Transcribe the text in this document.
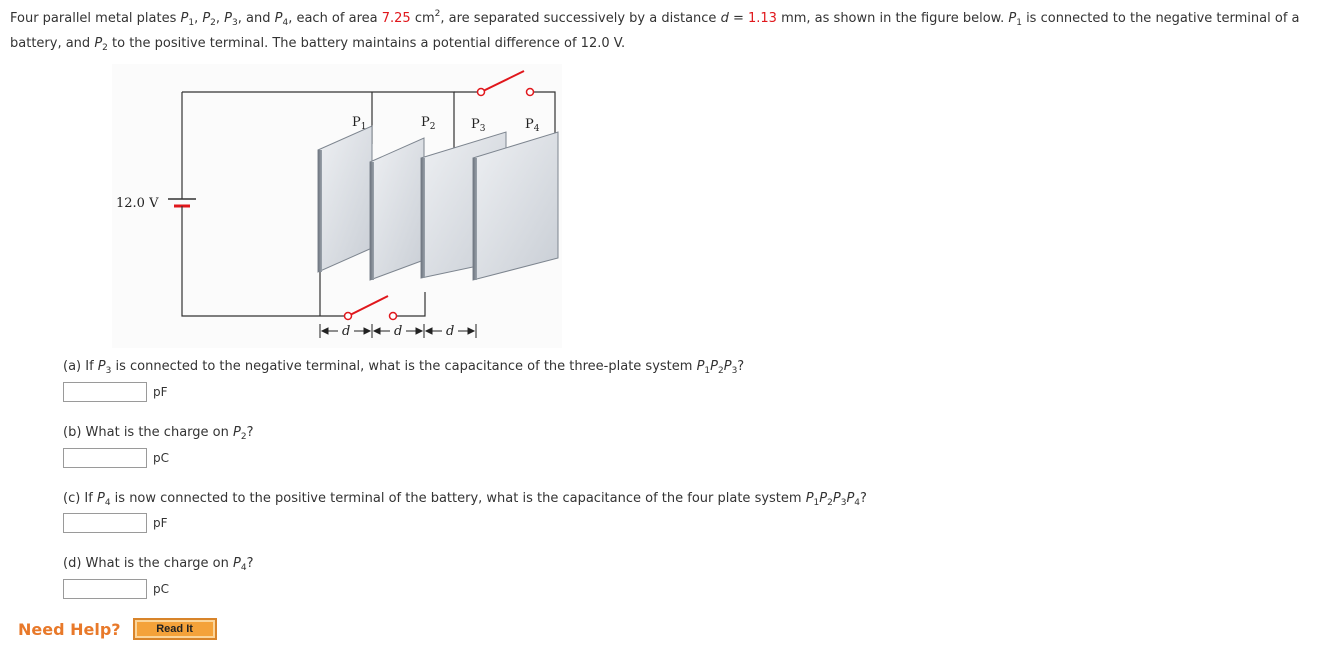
Four parallel metal plates $P_1$, $P_2$, $P_3$, and $P_4$, each of area 7.25 $cm^2$, are separated successively by a distance d = 1.13 mm, as shown in the figure below. $P_1$ is connected to the negative terminal of a battery, and $P_2$ to the positive terminal. The battery maintains a potential difference of 12.0 V.
12.0 V
$P_1$	$P_2$	$P_3$	$P_4$
d	d	d
(a) If $P_3$ is connected to the negative terminal, what is the capacitance of the three-plate system $P_1P_2P_3$?
pF
(b) What is the charge on $P_2$?
pC
(c) If $P_4$ is now connected to the positive terminal of the battery, what is the capacitance of the four plate system $P_1P_2P_3P_4$?
pF
(d) What is the charge on $P_4$?
pC
Need Help?	Read It
